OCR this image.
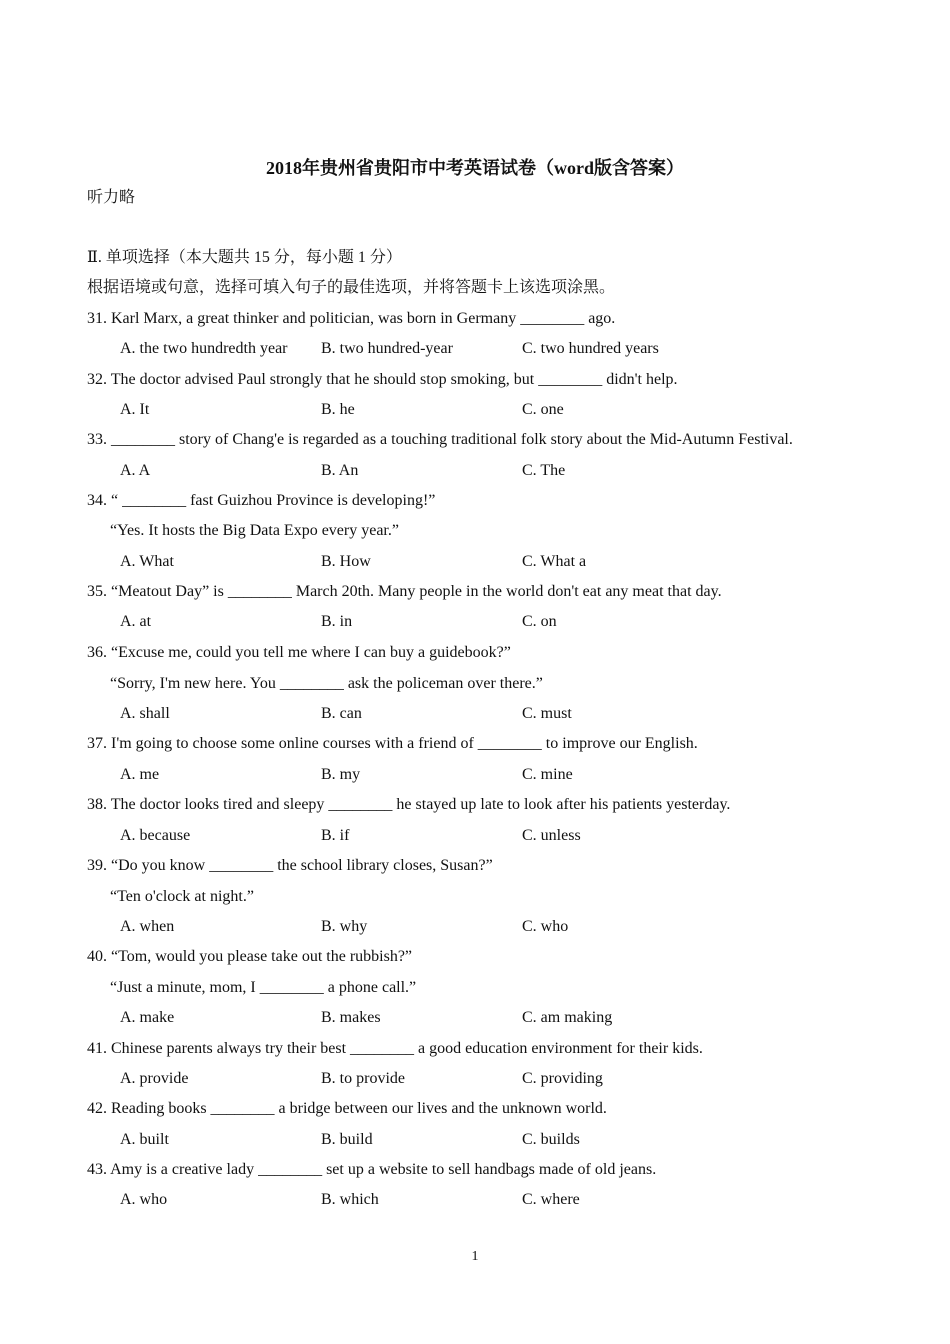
2018年贵州省贵阳市中考英语试卷（word版含答案）
听力略
Ⅱ. 单项选择（本大题共 15 分，每小题 1 分）
根据语境或句意，选择可填入句子的最佳选项，并将答题卡上该选项涂黑。
31. Karl Marx, a great thinker and politician, was born in Germany ________ ago.
A. the two hundredth year B. two hundred-year	C. two hundred years
32. The doctor advised Paul strongly that he should stop smoking, but ________ didn't help.
A. It	B. he	C. one
33. ________ story of Chang'e is regarded as a touching traditional folk story about the Mid-Autumn Festival.
A. A	B. An	C. The
34. “ ________ fast Guizhou Province is developing!”
“Yes. It hosts the Big Data Expo every year.”
A. What	B. How	C. What a
35. “Meatout Day” is ________ March 20th. Many people in the world don't eat any meat that day.
A. at	B. in	C. on
36. “Excuse me, could you tell me where I can buy a guidebook?”
“Sorry, I'm new here. You ________ ask the policeman over there.”
A. shall	B. can	C. must
37. I'm going to choose some online courses with a friend of ________ to improve our English.
A. me	B. my	C. mine
38. The doctor looks tired and sleepy ________ he stayed up late to look after his patients yesterday.
A. because	B. if	C. unless
39. “Do you know ________ the school library closes, Susan?”
“Ten o'clock at night.”
A. when	B. why	C. who
40. “Tom, would you please take out the rubbish?”
“Just a minute, mom, I ________ a phone call.”
A. make	B. makes	C. am making
41. Chinese parents always try their best ________ a good education environment for their kids.
A. provide	B. to provide	C. providing
42. Reading books ________ a bridge between our lives and the unknown world.
A. built	B. build	C. builds
43. Amy is a creative lady ________ set up a website to sell handbags made of old jeans.
A. who	B. which	C. where
1
